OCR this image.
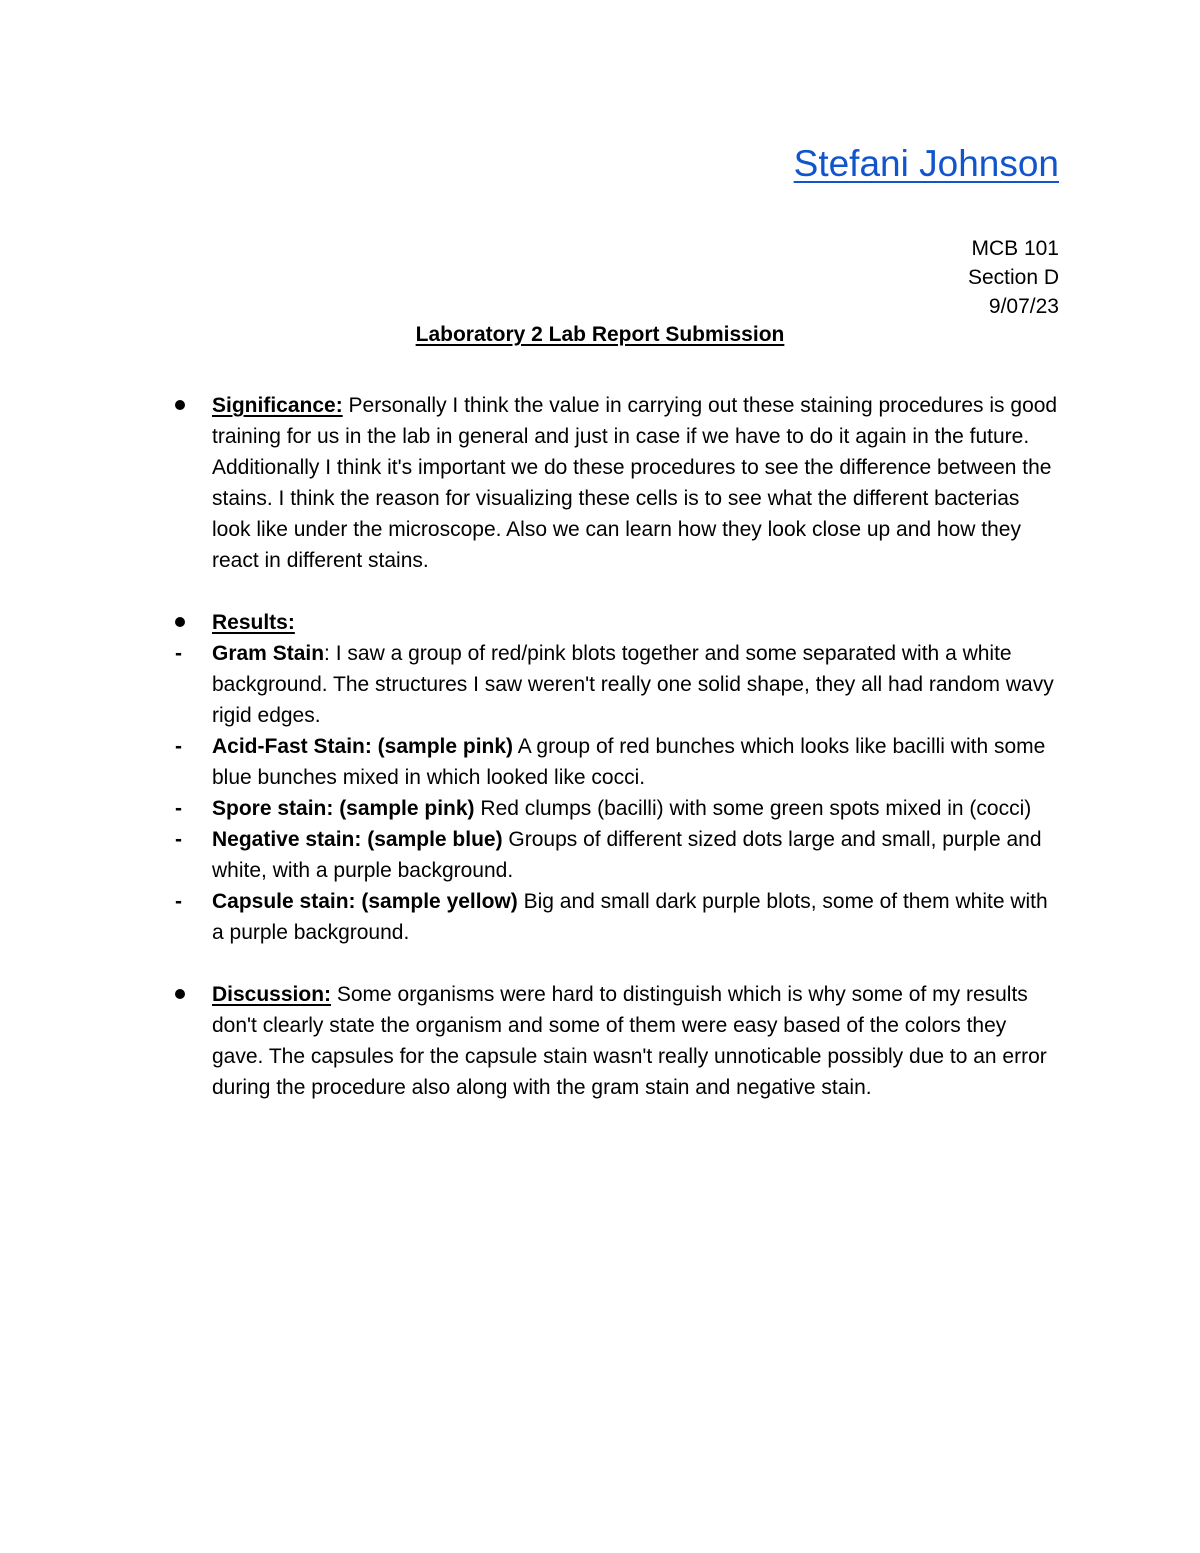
Stefani Johnson
MCB 101
Section D
9/07/23
Laboratory 2 Lab Report Submission
Significance: Personally I think the value in carrying out these staining procedures is good training for us in the lab in general and just in case if we have to do it again in the future. Additionally I think it's important we do these procedures to see the difference between the stains. I think the reason for visualizing these cells is to see what the different bacterias look like under the microscope. Also we can learn how they look close up and how they react in different stains.
Results:
-	Gram Stain: I saw a group of red/pink blots together and some separated with a white background. The structures I saw weren't really one solid shape, they all had random wavy rigid edges.
-	Acid-Fast Stain: (sample pink) A group of red bunches which looks like bacilli with some blue bunches mixed in which looked like cocci.
-	Spore stain: (sample pink) Red clumps (bacilli) with some green spots mixed in (cocci)
-	Negative stain: (sample blue) Groups of different sized dots large and small, purple and white, with a purple background.
-	Capsule stain: (sample yellow) Big and small dark purple blots, some of them white with a purple background.
Discussion: Some organisms were hard to distinguish which is why some of my results don't clearly state the organism and some of them were easy based of the colors they gave. The capsules for the capsule stain wasn't really unnoticable possibly due to an error during the procedure also along with the gram stain and negative stain.
